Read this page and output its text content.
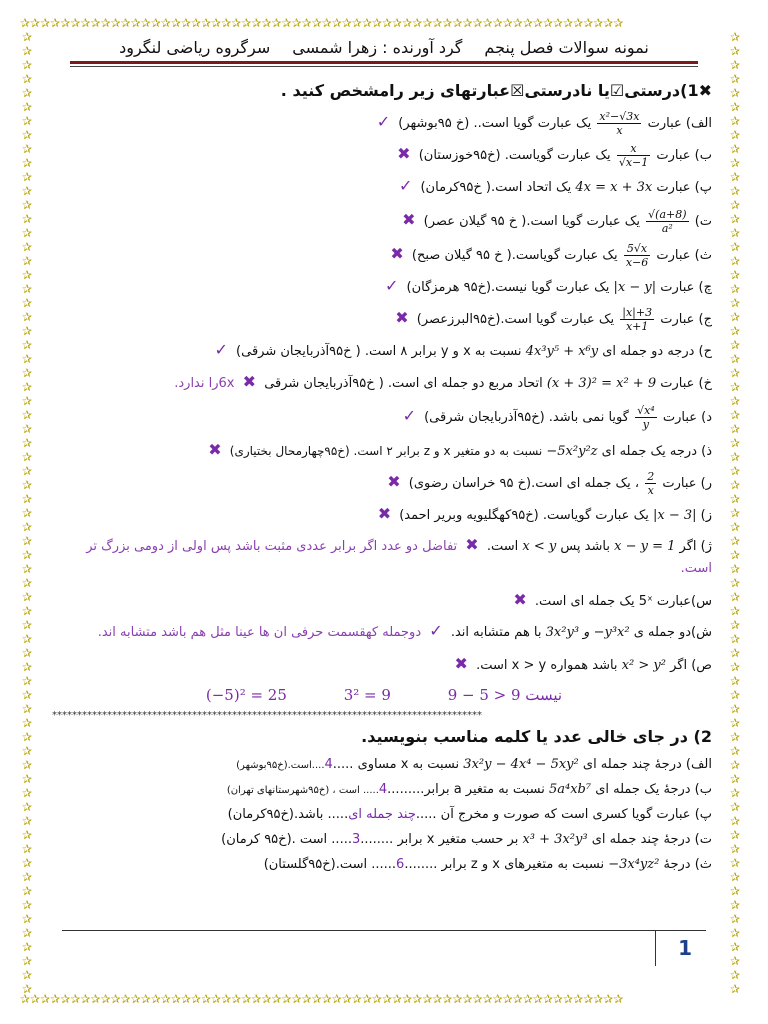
✰✰✰✰✰✰✰✰✰✰✰✰✰✰✰✰✰✰✰✰✰✰✰✰✰✰✰✰✰✰✰✰✰✰✰✰✰✰✰✰✰✰✰✰✰✰✰✰✰✰✰✰✰✰✰✰✰✰✰✰
✰✰✰✰✰✰✰✰✰✰✰✰✰✰✰✰✰✰✰✰✰✰✰✰✰✰✰✰✰✰✰✰✰✰✰✰✰✰✰✰✰✰✰✰✰✰✰✰✰✰✰✰✰✰✰✰✰✰✰✰
✰✰✰✰✰✰✰✰✰✰✰✰✰✰✰✰✰✰✰✰✰✰✰✰✰✰✰✰✰✰✰✰✰✰✰✰✰✰✰✰✰✰✰✰✰✰✰✰✰✰✰✰✰✰✰✰✰✰✰✰✰✰✰✰✰✰✰✰✰
✰✰✰✰✰✰✰✰✰✰✰✰✰✰✰✰✰✰✰✰✰✰✰✰✰✰✰✰✰✰✰✰✰✰✰✰✰✰✰✰✰✰✰✰✰✰✰✰✰✰✰✰✰✰✰✰✰✰✰✰✰✰✰✰✰✰✰✰✰
نمونه سوالات فصل پنجم
گرد آورنده : زهرا شمسی
سرگروه ریاضی لنگرود
✖1)درستی☑یا نادرستی☒عبارتهای زیر رامشخص کنید .
الف) عبارت
$\frac{\text{x²−√3x}}{x}$
یک عبارت گویا است.. (خ ۹۵بوشهر) ✓
ب) عبارت
$\frac{x}{√x-1}$
یک عبارت گویاست. (خ۹۵خوزستان) ✖
پ) عبارت 4x = x + 3x یک اتحاد است.( خ۹۵کرمان) ✓
ت)
$\frac{√(a+8)}{\text{a²}}$
یک عبارت گویا است.( خ ۹۵ گیلان عصر) ✖
ث) عبارت
$\frac{5√x}{x-6}$
یک عبارت گویاست.( خ ۹۵ گیلان صبح) ✖
چ) عبارت |x − y| یک عبارت گویا نیست.(خ۹۵ هرمزگان) ✓
ج) عبارت
$\frac{|x|+3}{x+1}$
یک عبارت گویا است.(خ۹۵البرزعصر) ✖
ح) درجه دو جمله ای 4x³y⁵ + x⁶y نسبت به x و y برابر ۸ است. ( خ۹۵آذربایجان شرقی) ✓
خ) عبارت (x + 3)² = x² + 9 اتحاد مربع دو جمله ای است. ( خ۹۵آذربایجان شرقی ✖ 6xرا ندارد.
د) عبارت
$\frac{\text{√x⁴}}{y}$
گویا نمی باشد. (خ۹۵آذربایجان شرقی) ✓
ذ) درجه یک جمله ای −5x²y²z نسبت به دو متغیر x و z برابر ۲ است. (خ۹۵چهارمحال بختیاری) ✖
ر) عبارت
$\frac{2}{x}$
، یک جمله ای است.(خ ۹۵ خراسان رضوی) ✖
ز) |x − 3| یک عبارت گویاست. (خ۹۵کهگلیویه وبریر احمد) ✖
ژ) اگر x − y = 1 باشد پس x < y است. ✖ تفاضل دو عدد اگر برابر عددی مثبت باشد پس اولی از دومی بزرگ تر است.
س)عبارت 5ˣ یک جمله ای است. ✖
ش)دو جمله ی 3x²y³ و −y³x² با هم متشابه اند. ✓ دوجمله کهقسمت حرفی ان ها عینا مثل هم باشد متشابه اند.
ص) اگر x² > y² باشد همواره x > y است. ✖
(−5)² = 25	3² = 9	9 − 5 > 9 نیست
**************************************************************************************
2) در جای خالی عدد یا کلمه مناسب بنویسید.
الف) درجهٔ چند جمله ای 3x²y − 4x⁴ − 5xy² نسبت به x مساوی .....4....است.(خ۹۵بوشهر)
ب) درجهٔ یک جمله ای 5a⁴xb⁷ نسبت به متغیر a برابر.........4..... است ، (خ۹۵شهرستانهای تهران)
پ) عبارت گویا کسری است که صورت و مخرج آن .....چند جمله ای..... باشد.(خ۹۵کرمان)
ت) درجهٔ چند جمله ای x³ + 3x²y³ بر حسب متغیر x برابر ........3..... است .(خ۹۵ کرمان)
ث) درجهٔ −3x⁴yz² نسبت به متغیرهای x و z برابر ........6...... است.(خ۹۵گلستان)
1
